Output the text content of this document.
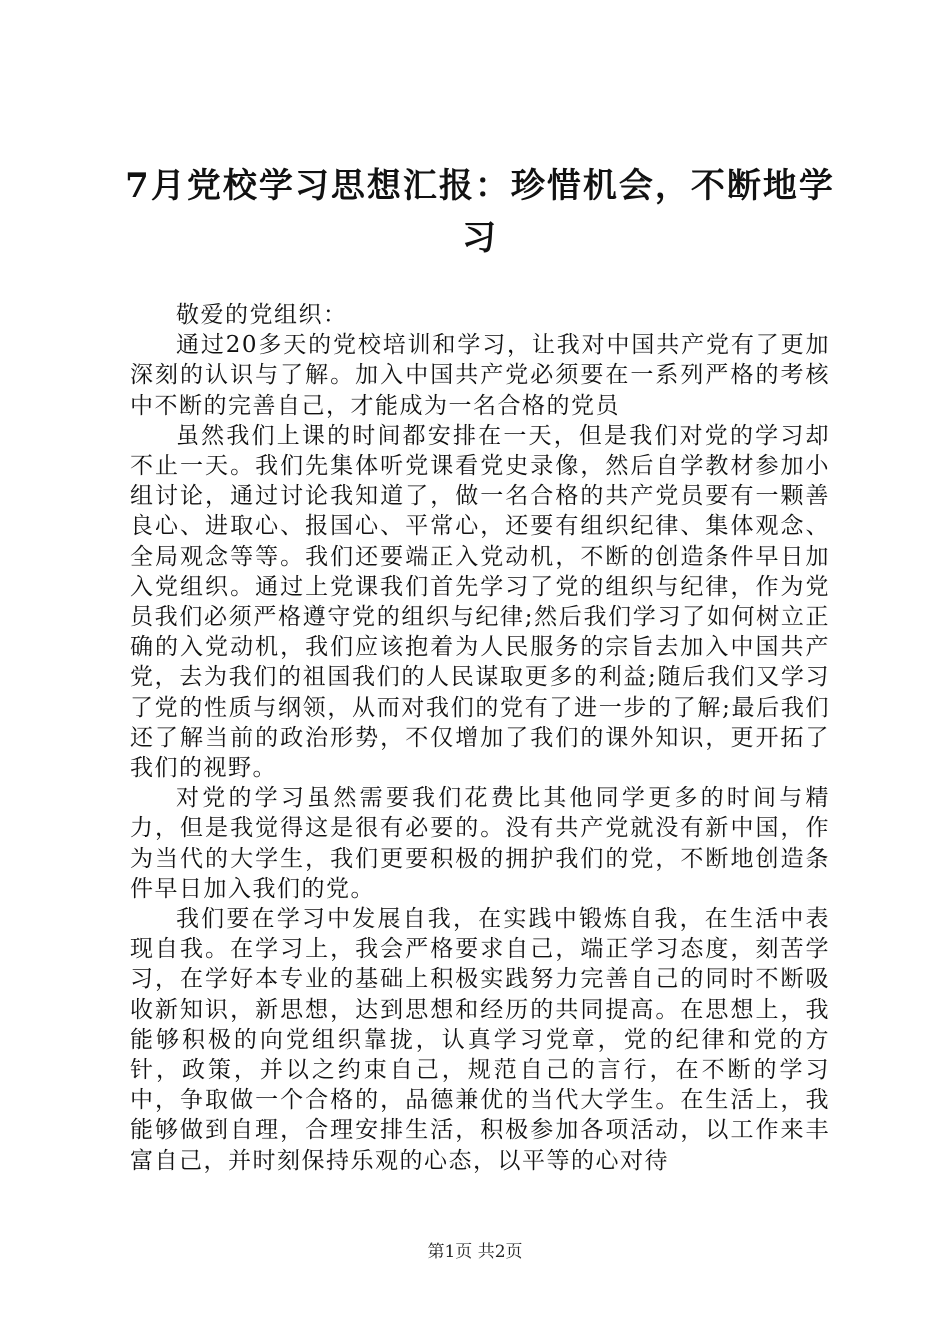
7月党校学习思想汇报：珍惜机会，不断地学习

敬爱的党组织：

通过20多天的党校培训和学习，让我对中国共产党有了更加深刻的认识与了解。加入中国共产党必须要在一系列严格的考核中不断的完善自己，才能成为一名合格的党员

虽然我们上课的时间都安排在一天，但是我们对党的学习却不止一天。我们先集体听党课看党史录像，然后自学教材参加小组讨论，通过讨论我知道了，做一名合格的共产党员要有一颗善良心、进取心、报国心、平常心，还要有组织纪律、集体观念、全局观念等等。我们还要端正入党动机，不断的创造条件早日加入党组织。通过上党课我们首先学习了党的组织与纪律，作为党员我们必须严格遵守党的组织与纪律;然后我们学习了如何树立正确的入党动机，我们应该抱着为人民服务的宗旨去加入中国共产党，去为我们的祖国我们的人民谋取更多的利益;随后我们又学习了党的性质与纲领，从而对我们的党有了进一步的了解;最后我们还了解当前的政治形势，不仅增加了我们的课外知识，更开拓了我们的视野。

对党的学习虽然需要我们花费比其他同学更多的时间与精力，但是我觉得这是很有必要的。没有共产党就没有新中国，作为当代的大学生，我们更要积极的拥护我们的党，不断地创造条件早日加入我们的党。

我们要在学习中发展自我，在实践中锻炼自我，在生活中表现自我。在学习上，我会严格要求自己，端正学习态度，刻苦学习，在学好本专业的基础上积极实践努力完善自己的同时不断吸收新知识，新思想，达到思想和经历的共同提高。在思想上，我能够积极的向党组织靠拢，认真学习党章，党的纪律和党的方针，政策，并以之约束自己，规范自己的言行，在不断的学习中，争取做一个合格的，品德兼优的当代大学生。在生活上，我能够做到自理，合理安排生活，积极参加各项活动，以工作来丰富自己，并时刻保持乐观的心态，以平等的心对待

第1页 共2页
